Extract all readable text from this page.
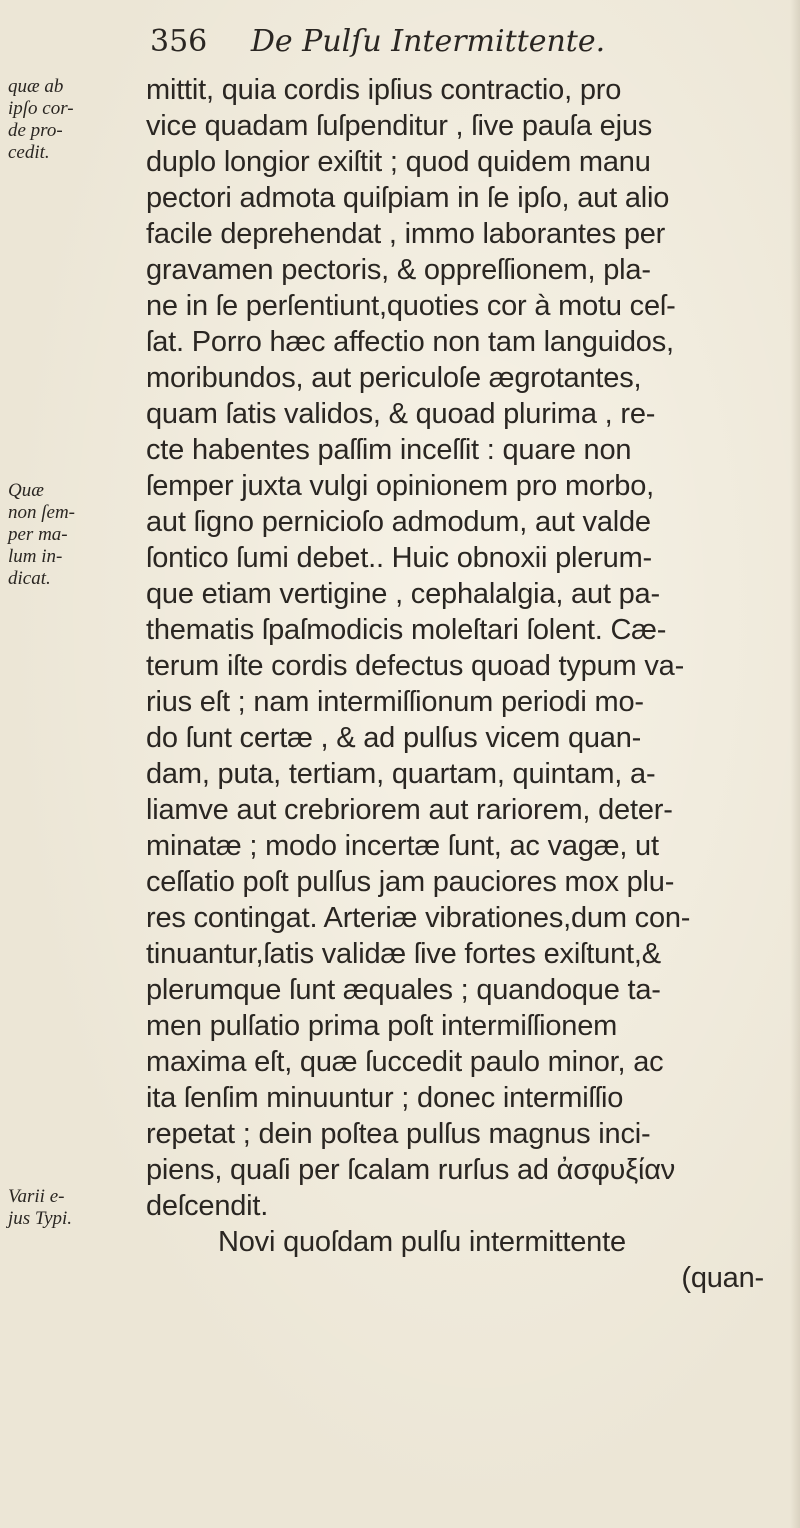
356 De Pulſu Intermittente.
quæ ab
ipſo cor-
de pro-
cedit.
Quæ
non ſem-
per ma-
lum in-
dicat.
Varii e-
jus Typi.
mittit, quia cordis ipſius contractio, pro
vice quadam ſuſpenditur , ſive pauſa ejus
duplo longior exiſtit ; quod quidem manu
pectori admota quiſpiam in ſe ipſo, aut alio
facile deprehendat , immo laborantes per
gravamen pectoris, & oppreſſionem, pla-
ne in ſe perſentiunt,quoties cor à motu ceſ-
ſat. Porro hæc affectio non tam languidos,
moribundos, aut periculoſe ægrotantes,
quam ſatis validos, & quoad plurima , re-
cte habentes paſſim inceſſit : quare non
ſemper juxta vulgi opinionem pro morbo,
aut ſigno pernicioſo admodum, aut valde
ſontico ſumi debet.. Huic obnoxii plerum-
que etiam vertigine , cephalalgia, aut pa-
thematis ſpaſmodicis moleſtari ſolent. Cæ-
terum iſte cordis defectus quoad typum va-
rius eſt ; nam intermiſſionum periodi mo-
do ſunt certæ , & ad pulſus vicem quan-
dam, puta, tertiam, quartam, quintam, a-
liamve aut crebriorem aut rariorem, deter-
minatæ ; modo incertæ ſunt, ac vagæ, ut
ceſſatio poſt pulſus jam pauciores mox plu-
res contingat. Arteriæ vibrationes,dum con-
tinuantur,ſatis validæ ſive fortes exiſtunt,&
plerumque ſunt æquales ; quandoque ta-
men pulſatio prima poſt intermiſſionem
maxima eſt, quæ ſuccedit paulo minor, ac
ita ſenſim minuuntur ; donec intermiſſio
repetat ; dein poſtea pulſus magnus inci-
piens, quaſi per ſcalam rurſus ad ἀσφυξίαν
deſcendit.
Novi quoſdam pulſu intermittente
(quan-
